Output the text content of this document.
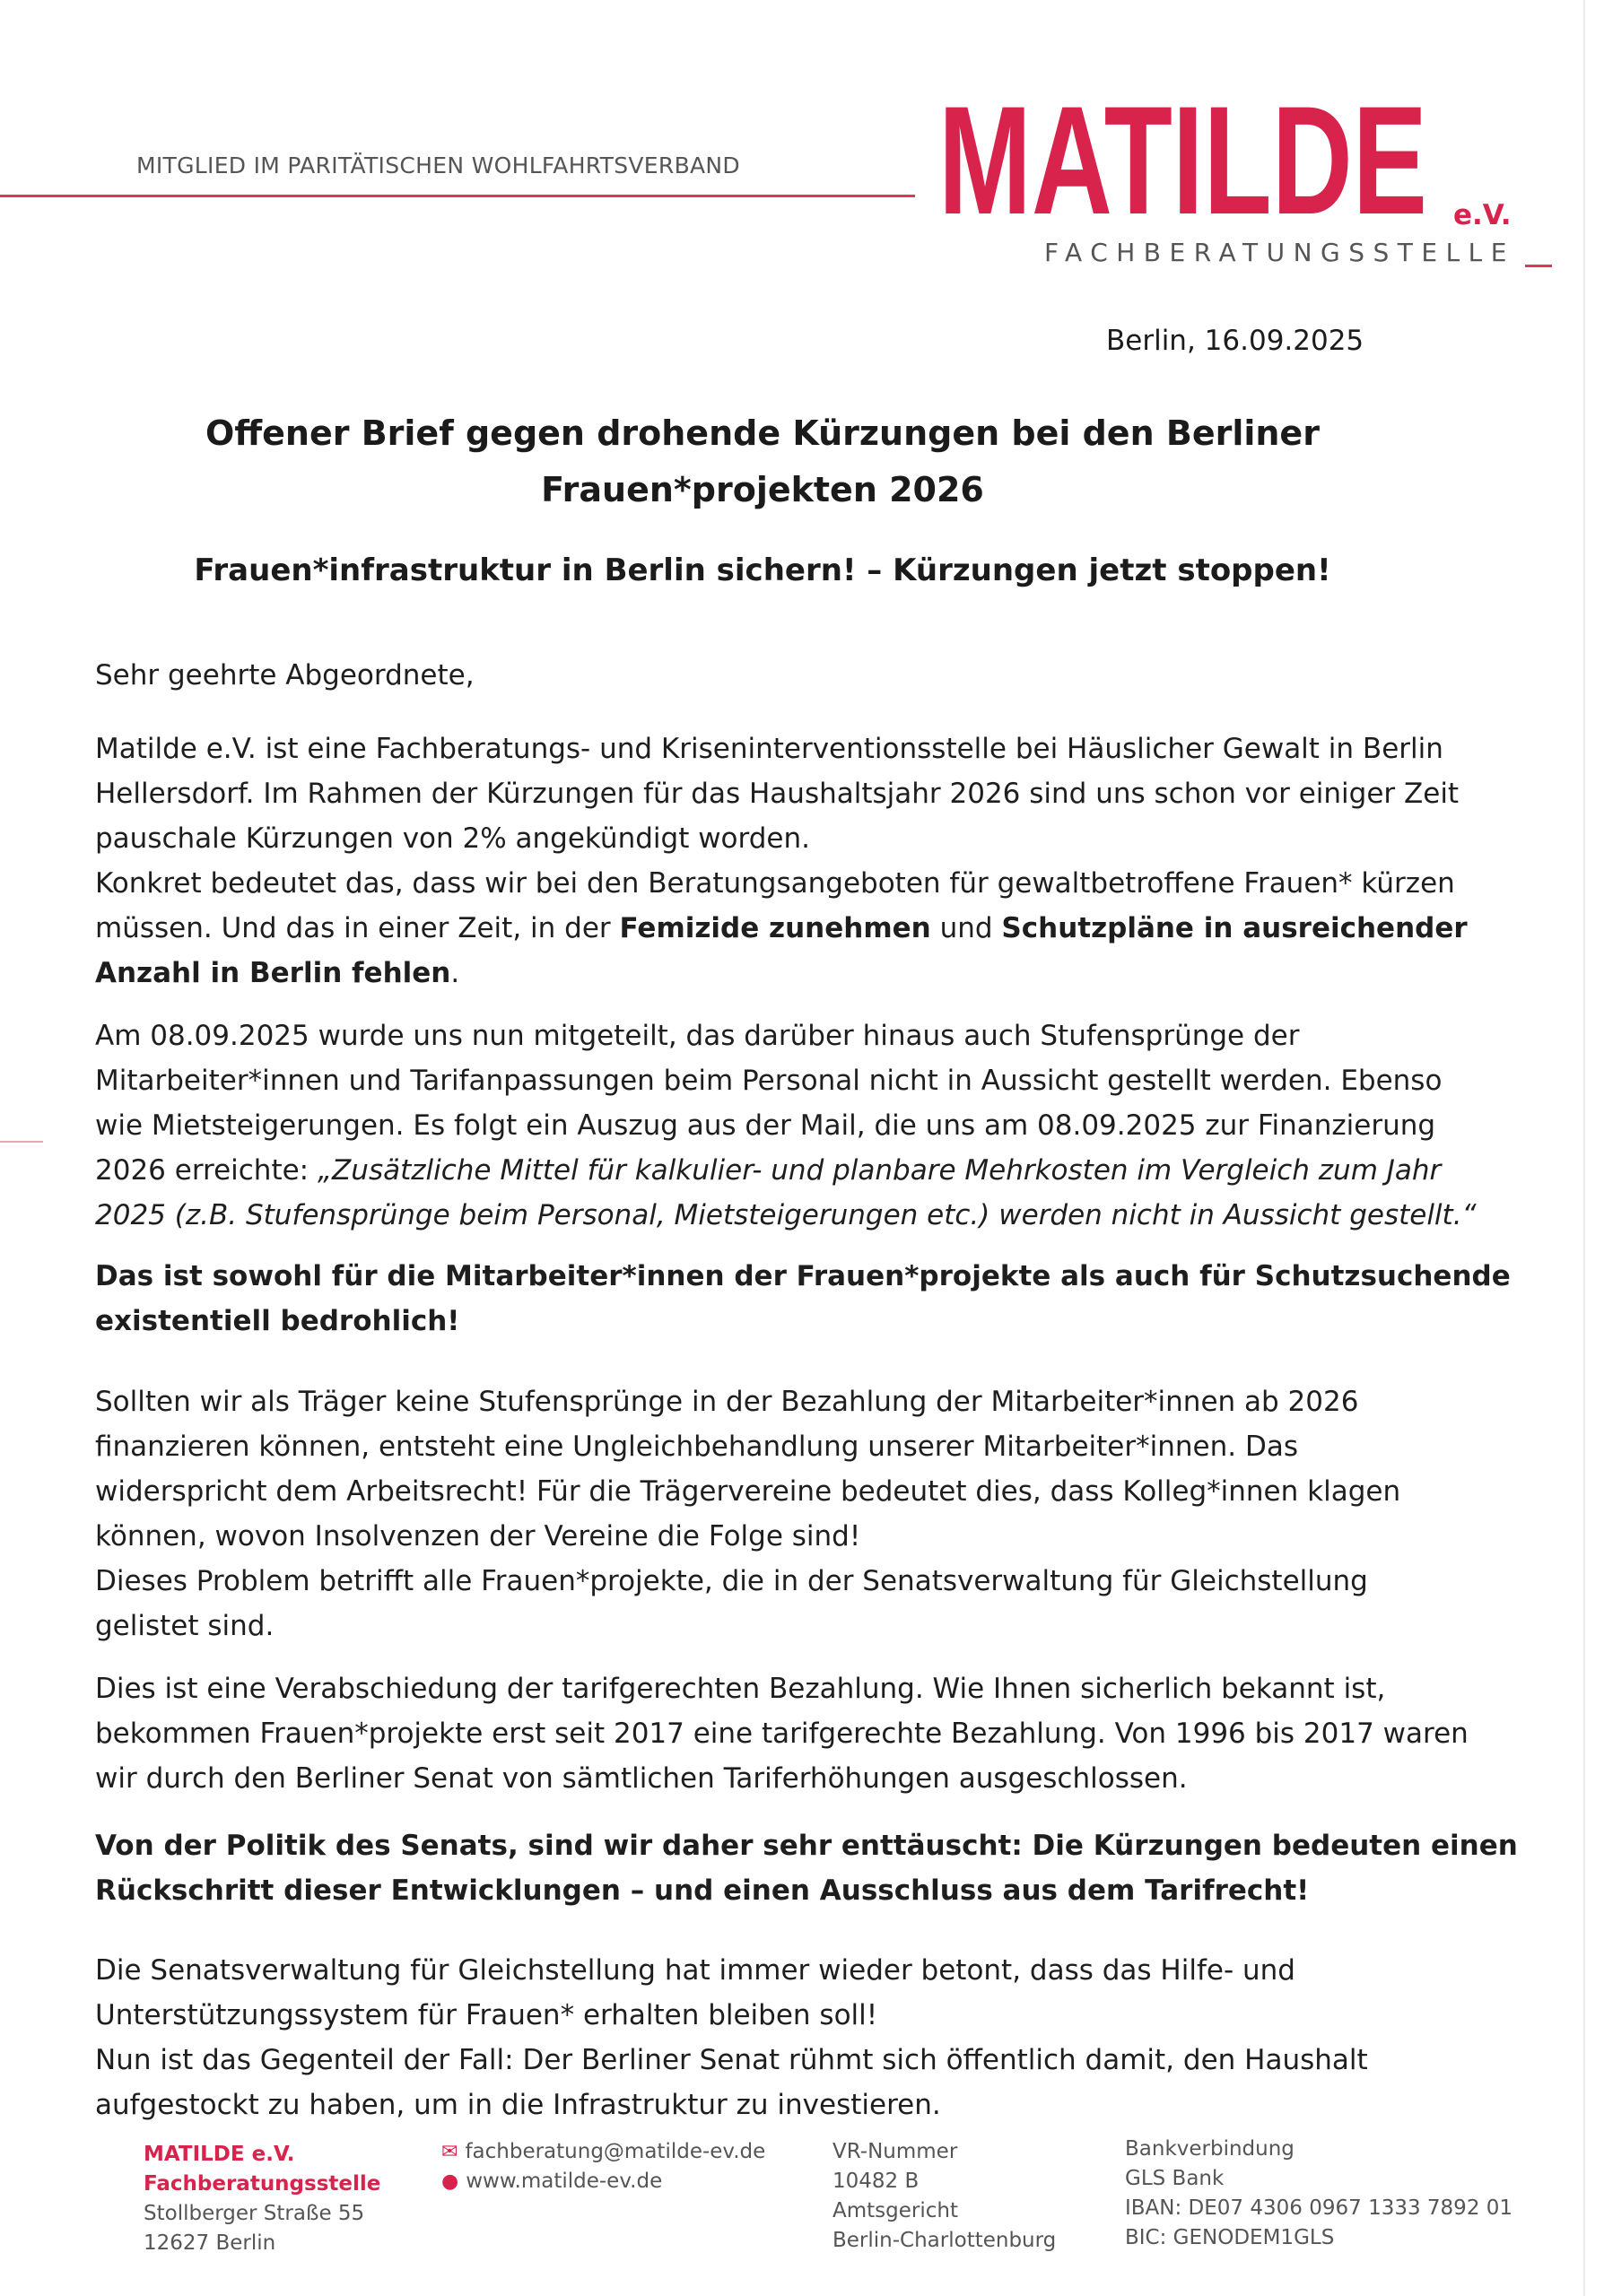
MITGLIED IM PARITÄTISCHEN WOHLFAHRTSVERBAND MATILDE e.V.
FACHBERATUNGSSTELLE
Berlin, 16.09.2025
Offener Brief gegen drohende Kürzungen bei den Berliner
Frauen*projekten 2026
Frauen*infrastruktur in Berlin sichern! – Kürzungen jetzt stoppen!
Sehr geehrte Abgeordnete,
Matilde e.V. ist eine Fachberatungs- und Kriseninterventionsstelle bei Häuslicher Gewalt in Berlin
Hellersdorf. Im Rahmen der Kürzungen für das Haushaltsjahr 2026 sind uns schon vor einiger Zeit
pauschale Kürzungen von 2% angekündigt worden.
Konkret bedeutet das, dass wir bei den Beratungsangeboten für gewaltbetroffene Frauen* kürzen
müssen. Und das in einer Zeit, in der Femizide zunehmen und Schutzpläne in ausreichender
Anzahl in Berlin fehlen.
Am 08.09.2025 wurde uns nun mitgeteilt, das darüber hinaus auch Stufensprünge der
Mitarbeiter*innen und Tarifanpassungen beim Personal nicht in Aussicht gestellt werden. Ebenso
wie Mietsteigerungen. Es folgt ein Auszug aus der Mail, die uns am 08.09.2025 zur Finanzierung
2026 erreichte: „Zusätzliche Mittel für kalkulier- und planbare Mehrkosten im Vergleich zum Jahr
2025 (z.B. Stufensprünge beim Personal, Mietsteigerungen etc.) werden nicht in Aussicht gestellt.“
Das ist sowohl für die Mitarbeiter*innen der Frauen*projekte als auch für Schutzsuchende
existentiell bedrohlich!
Sollten wir als Träger keine Stufensprünge in der Bezahlung der Mitarbeiter*innen ab 2026
finanzieren können, entsteht eine Ungleichbehandlung unserer Mitarbeiter*innen. Das
widerspricht dem Arbeitsrecht! Für die Trägervereine bedeutet dies, dass Kolleg*innen klagen
können, wovon Insolvenzen der Vereine die Folge sind!
Dieses Problem betrifft alle Frauen*projekte, die in der Senatsverwaltung für Gleichstellung
gelistet sind.
Dies ist eine Verabschiedung der tarifgerechten Bezahlung. Wie Ihnen sicherlich bekannt ist,
bekommen Frauen*projekte erst seit 2017 eine tarifgerechte Bezahlung. Von 1996 bis 2017 waren
wir durch den Berliner Senat von sämtlichen Tariferhöhungen ausgeschlossen.
Von der Politik des Senats, sind wir daher sehr enttäuscht: Die Kürzungen bedeuten einen
Rückschritt dieser Entwicklungen – und einen Ausschluss aus dem Tarifrecht!
Die Senatsverwaltung für Gleichstellung hat immer wieder betont, dass das Hilfe- und
Unterstützungssystem für Frauen* erhalten bleiben soll!
Nun ist das Gegenteil der Fall: Der Berliner Senat rühmt sich öffentlich damit, den Haushalt
aufgestockt zu haben, um in die Infrastruktur zu investieren.
MATILDE e.V.
Fachberatungsstelle
Stollberger Straße 55
12627 Berlin
✉ fachberatung@matilde-ev.de
● www.matilde-ev.de
VR-Nummer
10482 B
Amtsgericht
Berlin-Charlottenburg
Bankverbindung
GLS Bank
IBAN: DE07 4306 0967 1333 7892 01
BIC: GENODEM1GLS
